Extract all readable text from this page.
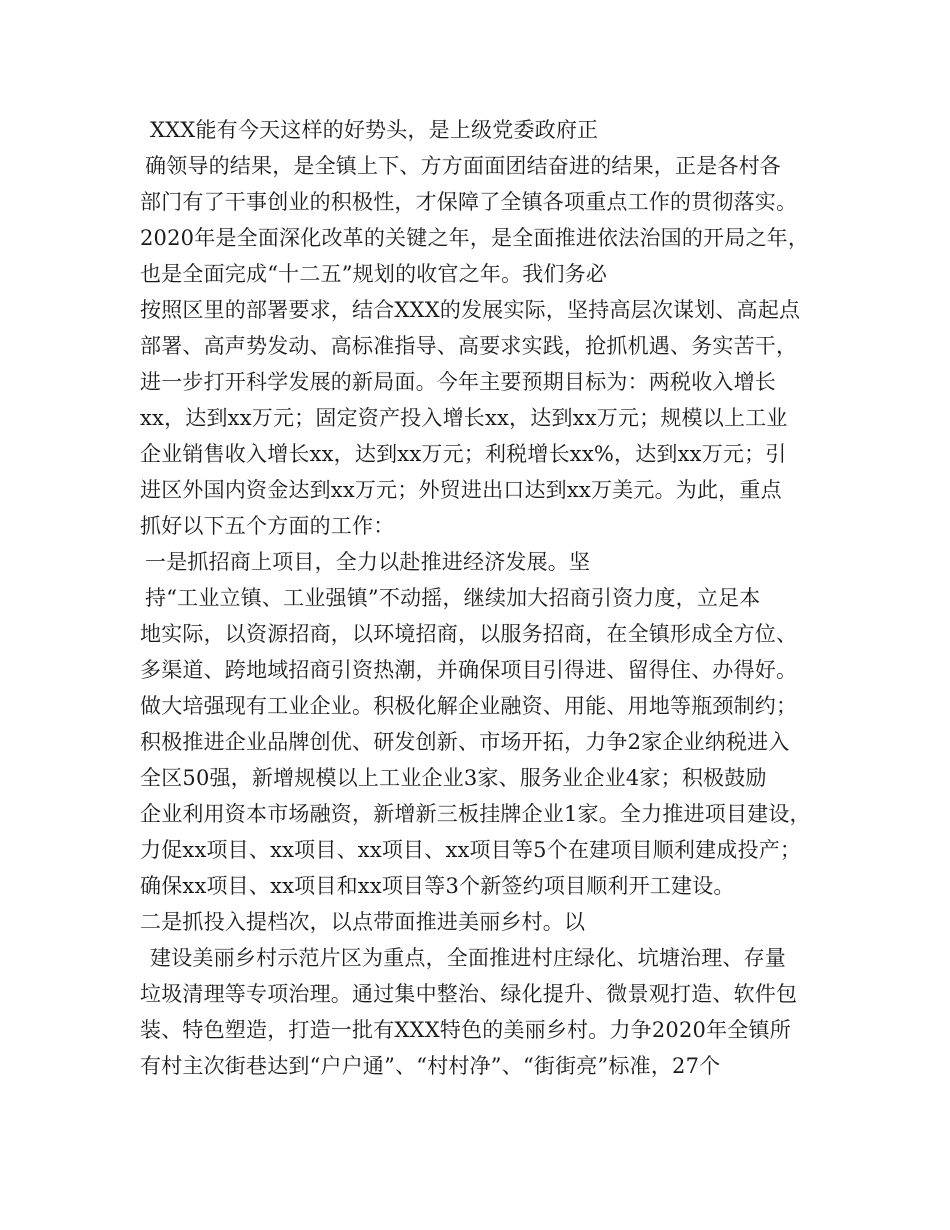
XXX能有今天这样的好势头，是上级党委政府正
确领导的结果，是全镇上下、方方面面团结奋进的结果，正是各村各
部门有了干事创业的积极性，才保障了全镇各项重点工作的贯彻落实。
2020年是全面深化改革的关键之年，是全面推进依法治国的开局之年，
也是全面完成“十二五”规划的收官之年。我们务必
按照区里的部署要求，结合XXX的发展实际，坚持高层次谋划、高起点
部署、高声势发动、高标准指导、高要求实践，抢抓机遇、务实苦干，
进一步打开科学发展的新局面。今年主要预期目标为：两税收入增长
xx，达到xx万元；固定资产投入增长xx，达到xx万元；规模以上工业
企业销售收入增长xx，达到xx万元；利税增长xx%，达到xx万元；引
进区外国内资金达到xx万元；外贸进出口达到xx万美元。为此，重点
抓好以下五个方面的工作：
一是抓招商上项目，全力以赴推进经济发展。坚
持“工业立镇、工业强镇”不动摇，继续加大招商引资力度，立足本
地实际，以资源招商，以环境招商，以服务招商，在全镇形成全方位、
多渠道、跨地域招商引资热潮，并确保项目引得进、留得住、办得好。
做大培强现有工业企业。积极化解企业融资、用能、用地等瓶颈制约；
积极推进企业品牌创优、研发创新、市场开拓，力争2家企业纳税进入
全区50强，新增规模以上工业企业3家、服务业企业4家；积极鼓励
企业利用资本市场融资，新增新三板挂牌企业1家。全力推进项目建设，
力促xx项目、xx项目、xx项目、xx项目等5个在建项目顺利建成投产；
确保xx项目、xx项目和xx项目等3个新签约项目顺利开工建设。
二是抓投入提档次，以点带面推进美丽乡村。以
建设美丽乡村示范片区为重点，全面推进村庄绿化、坑塘治理、存量
垃圾清理等专项治理。通过集中整治、绿化提升、微景观打造、软件包
装、特色塑造，打造一批有XXX特色的美丽乡村。力争2020年全镇所
有村主次街巷达到“户户通”、“村村净”、“街街亮”标准，27个
